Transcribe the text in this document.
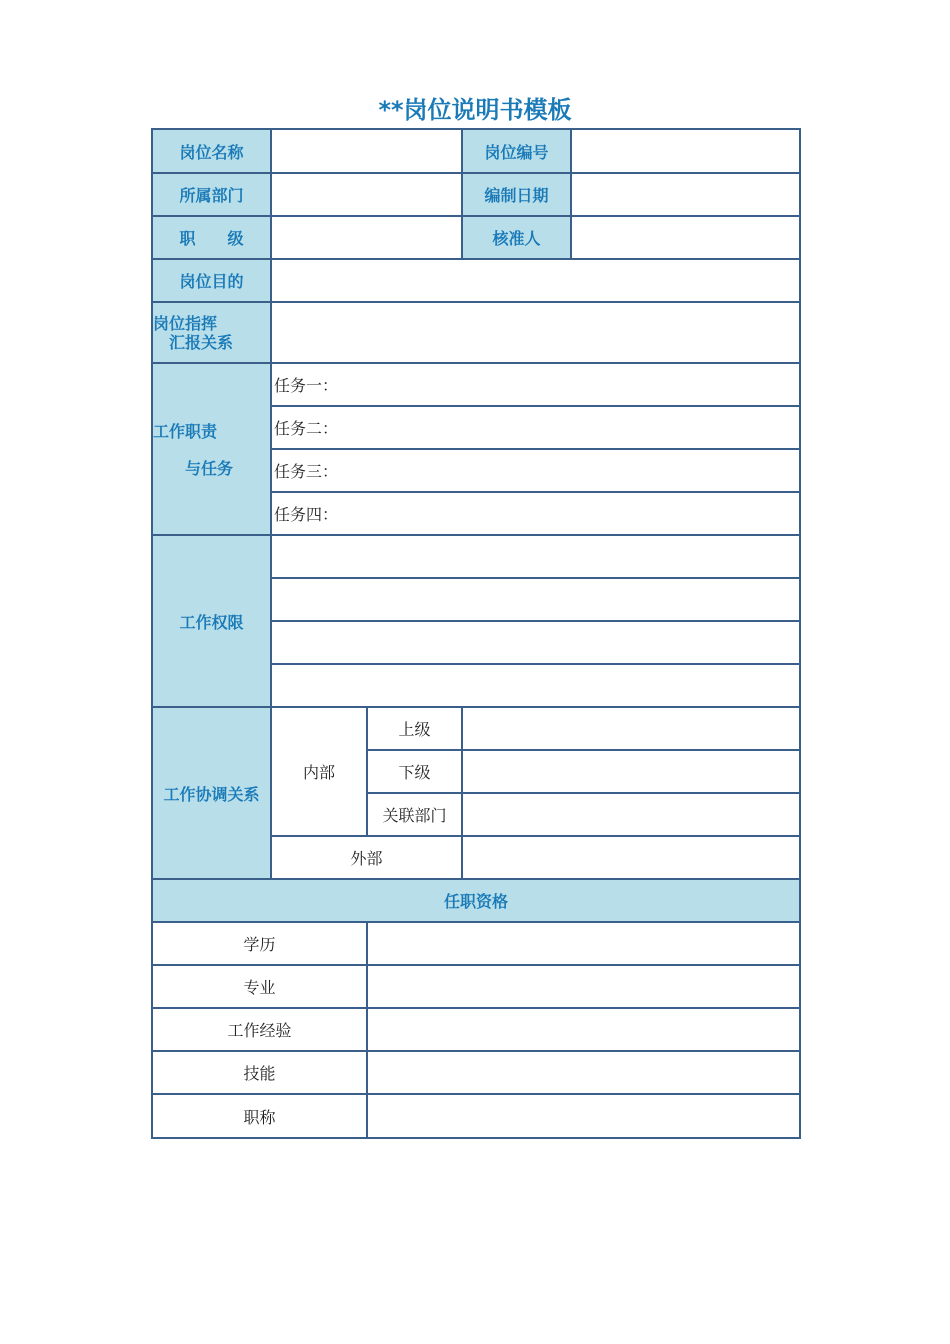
**岗位说明书模板
岗位名称			岗位编号	
所属部门			编制日期	
职　　级			核准人	
岗位目的				

岗位指挥
　汇报关系				

工作职责
　　与任务	任务一：			
	任务二：			
	任务三：			
	任务四：			
工作权限				

工作协调关系	内部	上级		
		下级		
		关联部门		
	外部			
任职资格				
学历				
专业				
工作经验				
技能				
职称				
